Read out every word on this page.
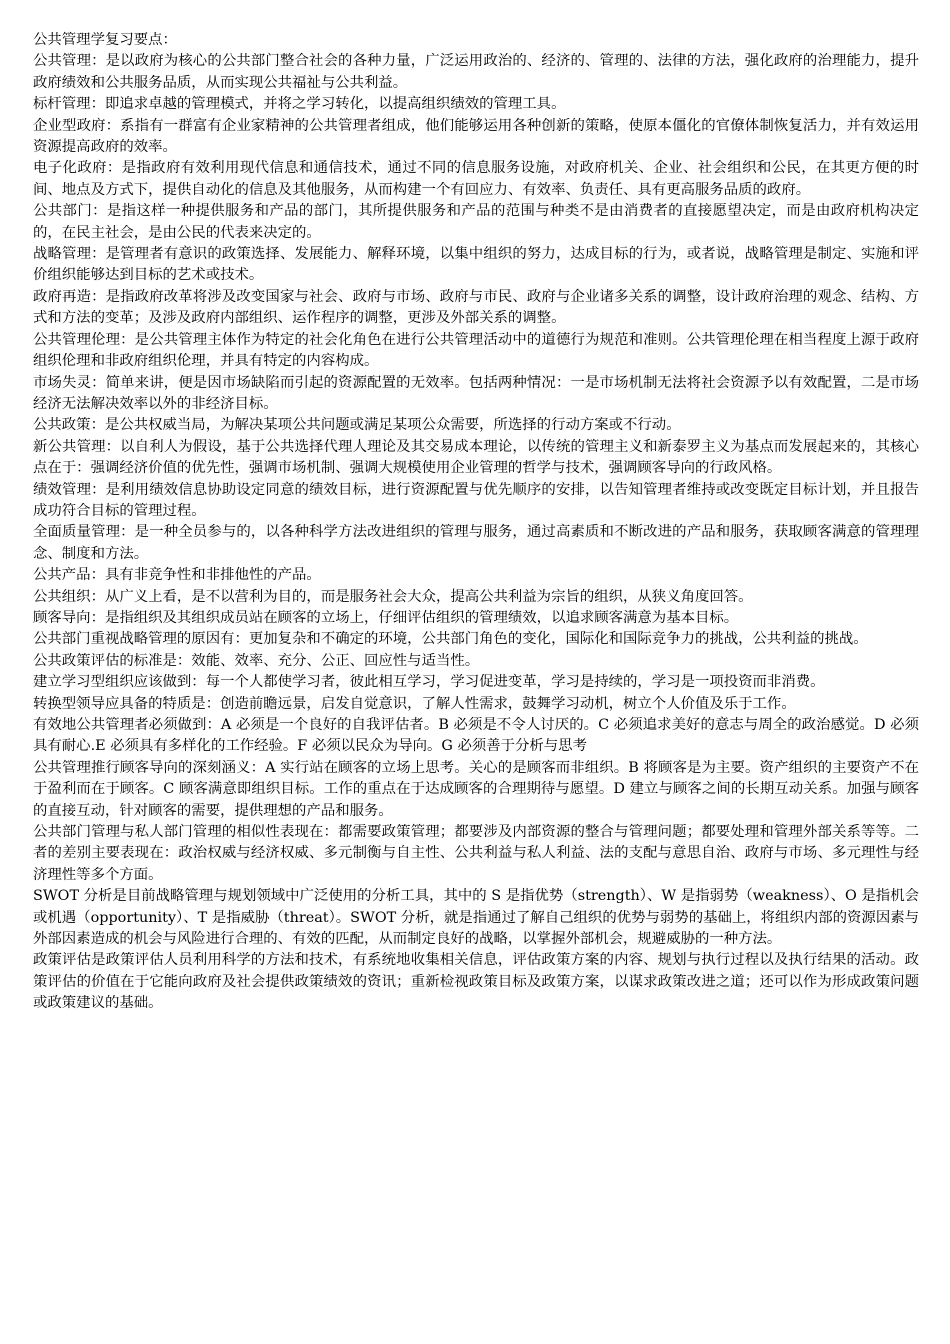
公共管理学复习要点：

公共管理：是以政府为核心的公共部门整合社会的各种力量，广泛运用政治的、经济的、管理的、法律的方法，强化政府的治理能力，提升政府绩效和公共服务品质，从而实现公共福祉与公共利益。

标杆管理：即追求卓越的管理模式，并将之学习转化，以提高组织绩效的管理工具。

企业型政府：系指有一群富有企业家精神的公共管理者组成，他们能够运用各种创新的策略，使原本僵化的官僚体制恢复活力，并有效运用资源提高政府的效率。

电子化政府：是指政府有效利用现代信息和通信技术，通过不同的信息服务设施，对政府机关、企业、社会组织和公民，在其更方便的时间、地点及方式下，提供自动化的信息及其他服务，从而构建一个有回应力、有效率、负责任、具有更高服务品质的政府。

公共部门：是指这样一种提供服务和产品的部门，其所提供服务和产品的范围与种类不是由消费者的直接愿望决定，而是由政府机构决定的，在民主社会，是由公民的代表来决定的。

战略管理：是管理者有意识的政策选择、发展能力、解释环境，以集中组织的努力，达成目标的行为，或者说，战略管理是制定、实施和评价组织能够达到目标的艺术或技术。

政府再造：是指政府改革将涉及改变国家与社会、政府与市场、政府与市民、政府与企业诸多关系的调整，设计政府治理的观念、结构、方式和方法的变革；及涉及政府内部组织、运作程序的调整，更涉及外部关系的调整。

公共管理伦理：是公共管理主体作为特定的社会化角色在进行公共管理活动中的道德行为规范和准则。公共管理伦理在相当程度上源于政府组织伦理和非政府组织伦理，并具有特定的内容构成。

市场失灵：简单来讲，便是因市场缺陷而引起的资源配置的无效率。包括两种情况：一是市场机制无法将社会资源予以有效配置，二是市场经济无法解决效率以外的非经济目标。

公共政策：是公共权威当局，为解决某项公共问题或满足某项公众需要，所选择的行动方案或不行动。

新公共管理：以自利人为假设，基于公共选择代理人理论及其交易成本理论，以传统的管理主义和新泰罗主义为基点而发展起来的，其核心点在于：强调经济价值的优先性，强调市场机制、强调大规模使用企业管理的哲学与技术，强调顾客导向的行政风格。

绩效管理：是利用绩效信息协助设定同意的绩效目标，进行资源配置与优先顺序的安排，以告知管理者维持或改变既定目标计划，并且报告成功符合目标的管理过程。

全面质量管理：是一种全员参与的，以各种科学方法改进组织的管理与服务，通过高素质和不断改进的产品和服务，获取顾客满意的管理理念、制度和方法。

公共产品：具有非竞争性和非排他性的产品。

公共组织：从广义上看，是不以营利为目的，而是服务社会大众，提高公共利益为宗旨的组织，从狭义角度回答。

顾客导向：是指组织及其组织成员站在顾客的立场上，仔细评估组织的管理绩效，以追求顾客满意为基本目标。

公共部门重视战略管理的原因有：更加复杂和不确定的环境，公共部门角色的变化，国际化和国际竞争力的挑战，公共利益的挑战。

公共政策评估的标准是：效能、效率、充分、公正、回应性与适当性。

建立学习型组织应该做到：每一个人都使学习者，彼此相互学习，学习促进变革，学习是持续的，学习是一项投资而非消费。

转换型领导应具备的特质是：创造前瞻远景，启发自觉意识，了解人性需求，鼓舞学习动机，树立个人价值及乐于工作。

有效地公共管理者必须做到：A 必须是一个良好的自我评估者。B 必须是不令人讨厌的。C 必须追求美好的意志与周全的政治感觉。D 必须具有耐心.E 必须具有多样化的工作经验。F 必须以民众为导向。G 必须善于分析与思考

公共管理推行顾客导向的深刻涵义：A 实行站在顾客的立场上思考。关心的是顾客而非组织。B 将顾客是为主要。资产组织的主要资产不在于盈利而在于顾客。C 顾客满意即组织目标。工作的重点在于达成顾客的合理期待与愿望。D 建立与顾客之间的长期互动关系。加强与顾客的直接互动，针对顾客的需要，提供理想的产品和服务。

公共部门管理与私人部门管理的相似性表现在：都需要政策管理；都要涉及内部资源的整合与管理问题；都要处理和管理外部关系等等。二者的差别主要表现在：政治权威与经济权威、多元制衡与自主性、公共利益与私人利益、法的支配与意思自治、政府与市场、多元理性与经济理性等多个方面。

SWOT 分析是目前战略管理与规划领域中广泛使用的分析工具，其中的 S 是指优势（strength）、W 是指弱势（weakness）、O 是指机会或机遇（opportunity）、T 是指威胁（threat）。SWOT 分析，就是指通过了解自己组织的优势与弱势的基础上，将组织内部的资源因素与外部因素造成的机会与风险进行合理的、有效的匹配，从而制定良好的战略，以掌握外部机会，规避威胁的一种方法。

政策评估是政策评估人员利用科学的方法和技术，有系统地收集相关信息，评估政策方案的内容、规划与执行过程以及执行结果的活动。政策评估的价值在于它能向政府及社会提供政策绩效的资讯；重新检视政策目标及政策方案，以谋求政策改进之道；还可以作为形成政策问题或政策建议的基础。
